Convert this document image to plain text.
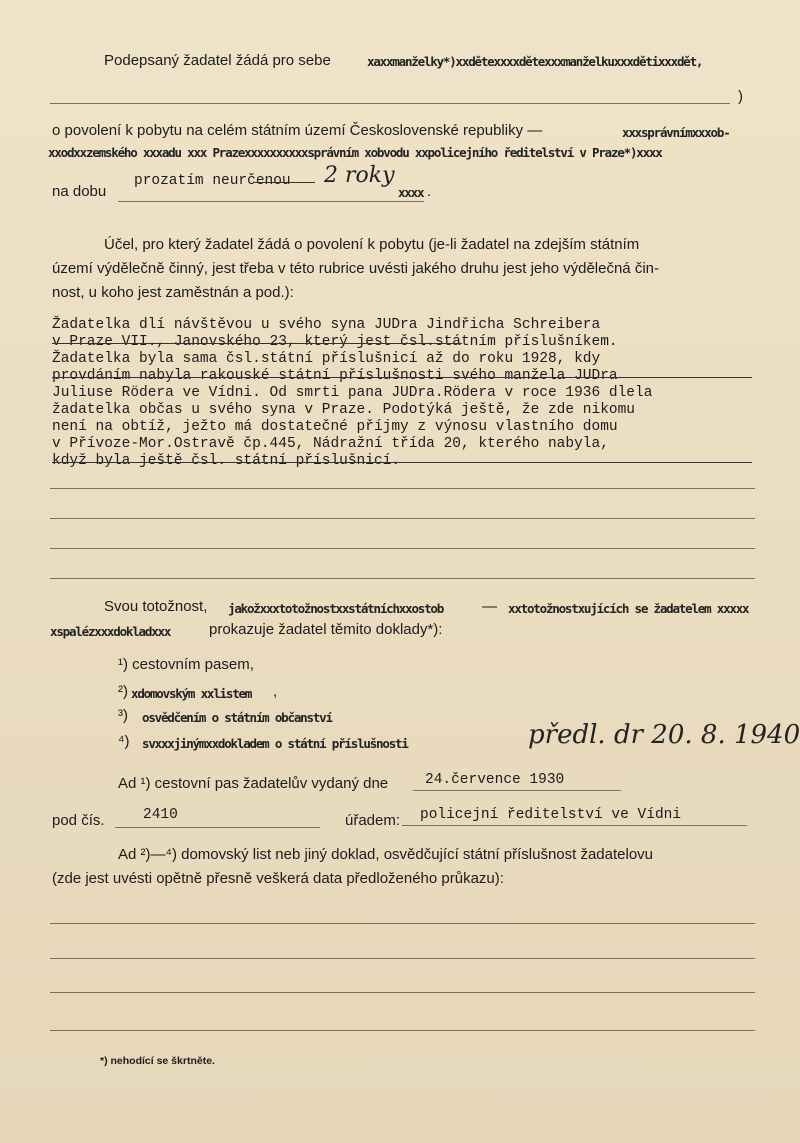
Podepsaný žadatel žádá pro sebe	xaxxmanželky*)xxdětexxxxdětexxxmanželkuxxxdětixxxdět,
)
o povolení k pobytu na celém státním území Československé republiky —	xxxsprávnímxxxob-
xxodxxzemského xxxadu xxx Prazexxxxxxxxxxsprávním xobvodu xxpolicejního ředitelství v Praze*)xxxx
na dobu
prozatím neurčenou 2 roky
xxxx .
Účel, pro který žadatel žádá o povolení k pobytu (je-li žadatel na zdejším státním
území výdělečně činný, jest třeba v této rubrice uvésti jakého druhu jest jeho výdělečná čin-
nost, u koho jest zaměstnán a pod.):
Žadatelka dlí návštěvou u svého syna JUDra Jindřicha Schreibera
v Praze VII., Janovského 23, který jest čsl.státním příslušníkem.
Žadatelka byla sama čsl.státní příslušnicí až do roku 1928, kdy
provdáním nabyla rakouské státní příslušnosti svého manžela JUDra
Juliuse Rödera ve Vídni. Od smrti pana JUDra.Rödera v roce 1936 dlela
žadatelka občas u svého syna v Praze. Podotýká ještě, že zde nikomu
není na obtíž, ježto má dostatečné příjmy z výnosu vlastního domu
v Přívoze-Mor.Ostravě čp.445, Nádražní třída 20, kterého nabyla,
když byla ještě čsl. státní příslušnicí.
Svou totožnost, jakožxxxtotožnostxxstátníchxxostob	— xxtotožnostxujících se žadatelem xxxxx
xspalézxxxdokladxxx	prokazuje žadatel těmito doklady*):
¹) cestovním pasem,
²) xdomovským xxlistem	,
³) osvědčením o státním občanství
⁴) svxxxjinýmxxdokladem o státní příslušnosti	předl. dr 20. 8. 1940
Ad ¹) cestovní pas žadatelův vydaný dne	24.července 1930
pod čís.	2410	úřadem: policejní ředitelství ve Vídni
Ad ²)—⁴) domovský list neb jiný doklad, osvědčující státní příslušnost žadatelovu
(zde jest uvésti opětně přesně veškerá data předloženého průkazu):
*) nehodící se škrtněte.
